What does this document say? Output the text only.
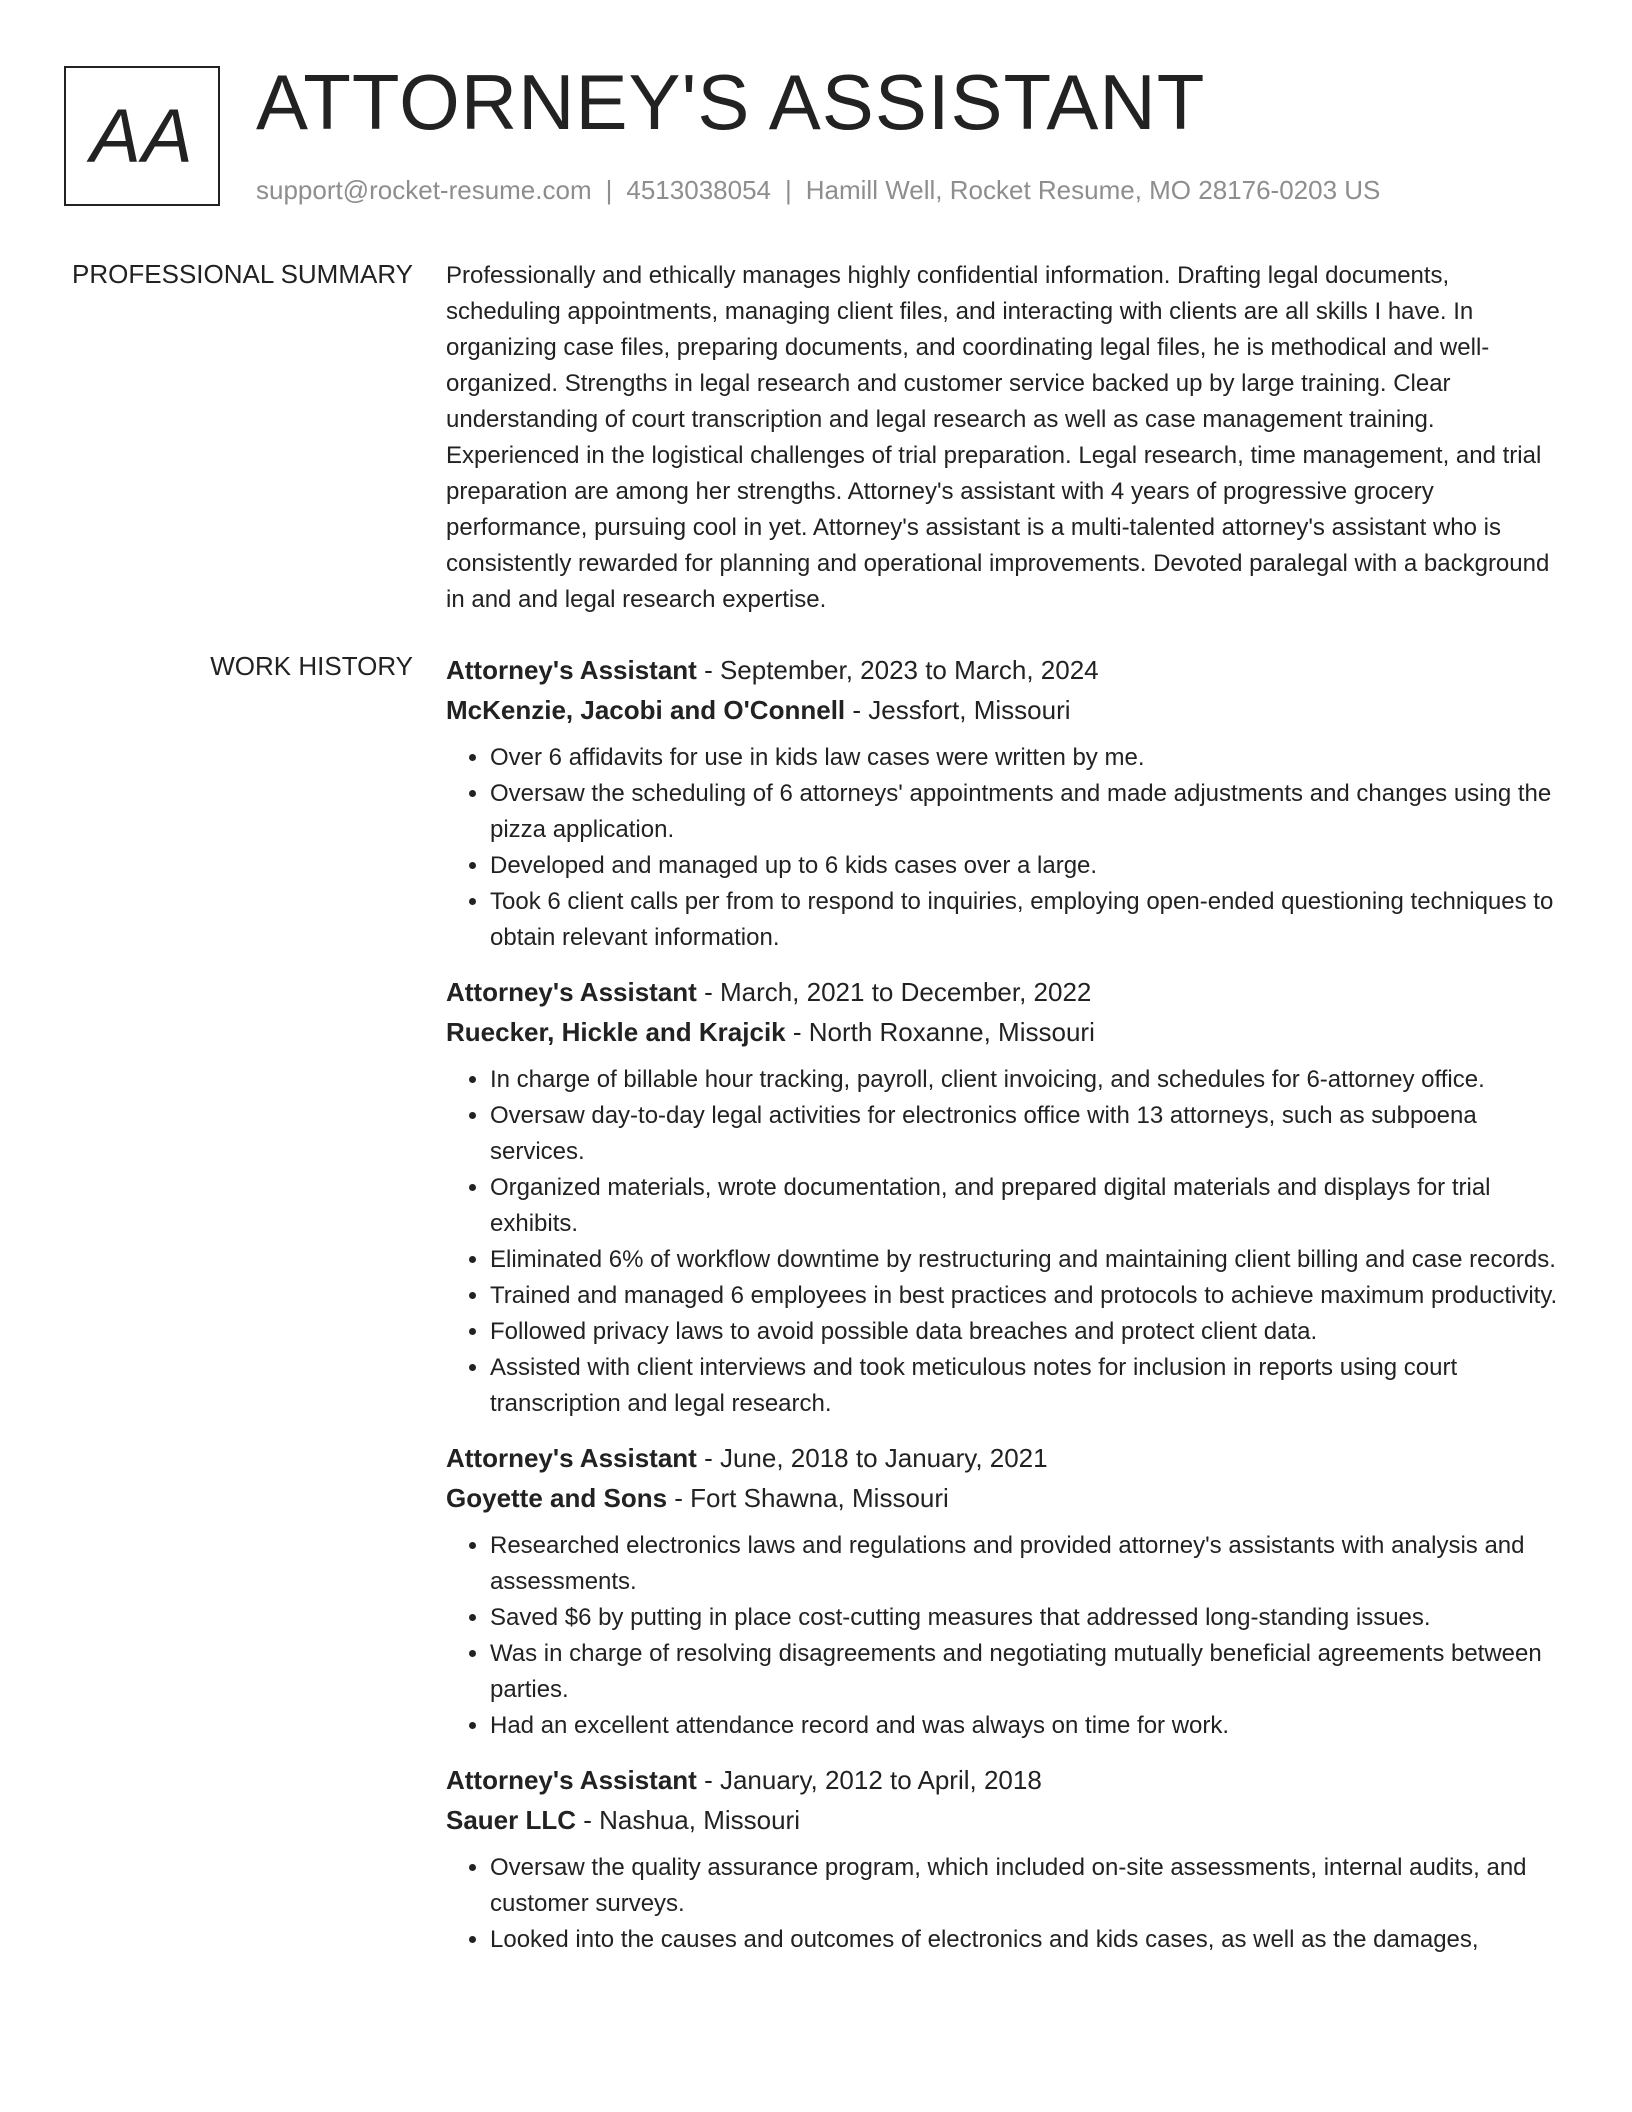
AA ATTORNEY'S ASSISTANT
support@rocket-resume.com | 4513038054 | Hamill Well, Rocket Resume, MO 28176-0203 US
PROFESSIONAL SUMMARY Professionally and ethically manages highly confidential information. Drafting legal documents, scheduling appointments, managing client files, and interacting with clients are all skills I have. In organizing case files, preparing documents, and coordinating legal files, he is methodical and well-organized. Strengths in legal research and customer service backed up by large training. Clear understanding of court transcription and legal research as well as case management training. Experienced in the logistical challenges of trial preparation. Legal research, time management, and trial preparation are among her strengths. Attorney's assistant with 4 years of progressive grocery performance, pursuing cool in yet. Attorney's assistant is a multi-talented attorney's assistant who is consistently rewarded for planning and operational improvements. Devoted paralegal with a background in and and legal research expertise.

WORK HISTORY Attorney's Assistant - September, 2023 to March, 2024
McKenzie, Jacobi and O'Connell - Jessfort, Missouri
• Over 6 affidavits for use in kids law cases were written by me.
• Oversaw the scheduling of 6 attorneys' appointments and made adjustments and changes using the pizza application.
• Developed and managed up to 6 kids cases over a large.
• Took 6 client calls per from to respond to inquiries, employing open-ended questioning techniques to obtain relevant information.
Attorney's Assistant - March, 2021 to December, 2022
Ruecker, Hickle and Krajcik - North Roxanne, Missouri
• In charge of billable hour tracking, payroll, client invoicing, and schedules for 6-attorney office.
• Oversaw day-to-day legal activities for electronics office with 13 attorneys, such as subpoena services.
• Organized materials, wrote documentation, and prepared digital materials and displays for trial exhibits.
• Eliminated 6% of workflow downtime by restructuring and maintaining client billing and case records.
• Trained and managed 6 employees in best practices and protocols to achieve maximum productivity.
• Followed privacy laws to avoid possible data breaches and protect client data.
• Assisted with client interviews and took meticulous notes for inclusion in reports using court transcription and legal research.
Attorney's Assistant - June, 2018 to January, 2021
Goyette and Sons - Fort Shawna, Missouri
• Researched electronics laws and regulations and provided attorney's assistants with analysis and assessments.
• Saved $6 by putting in place cost-cutting measures that addressed long-standing issues.
• Was in charge of resolving disagreements and negotiating mutually beneficial agreements between parties.
• Had an excellent attendance record and was always on time for work.
Attorney's Assistant - January, 2012 to April, 2018
Sauer LLC - Nashua, Missouri
• Oversaw the quality assurance program, which included on-site assessments, internal audits, and customer surveys.
• Looked into the causes and outcomes of electronics and kids cases, as well as the damages,
